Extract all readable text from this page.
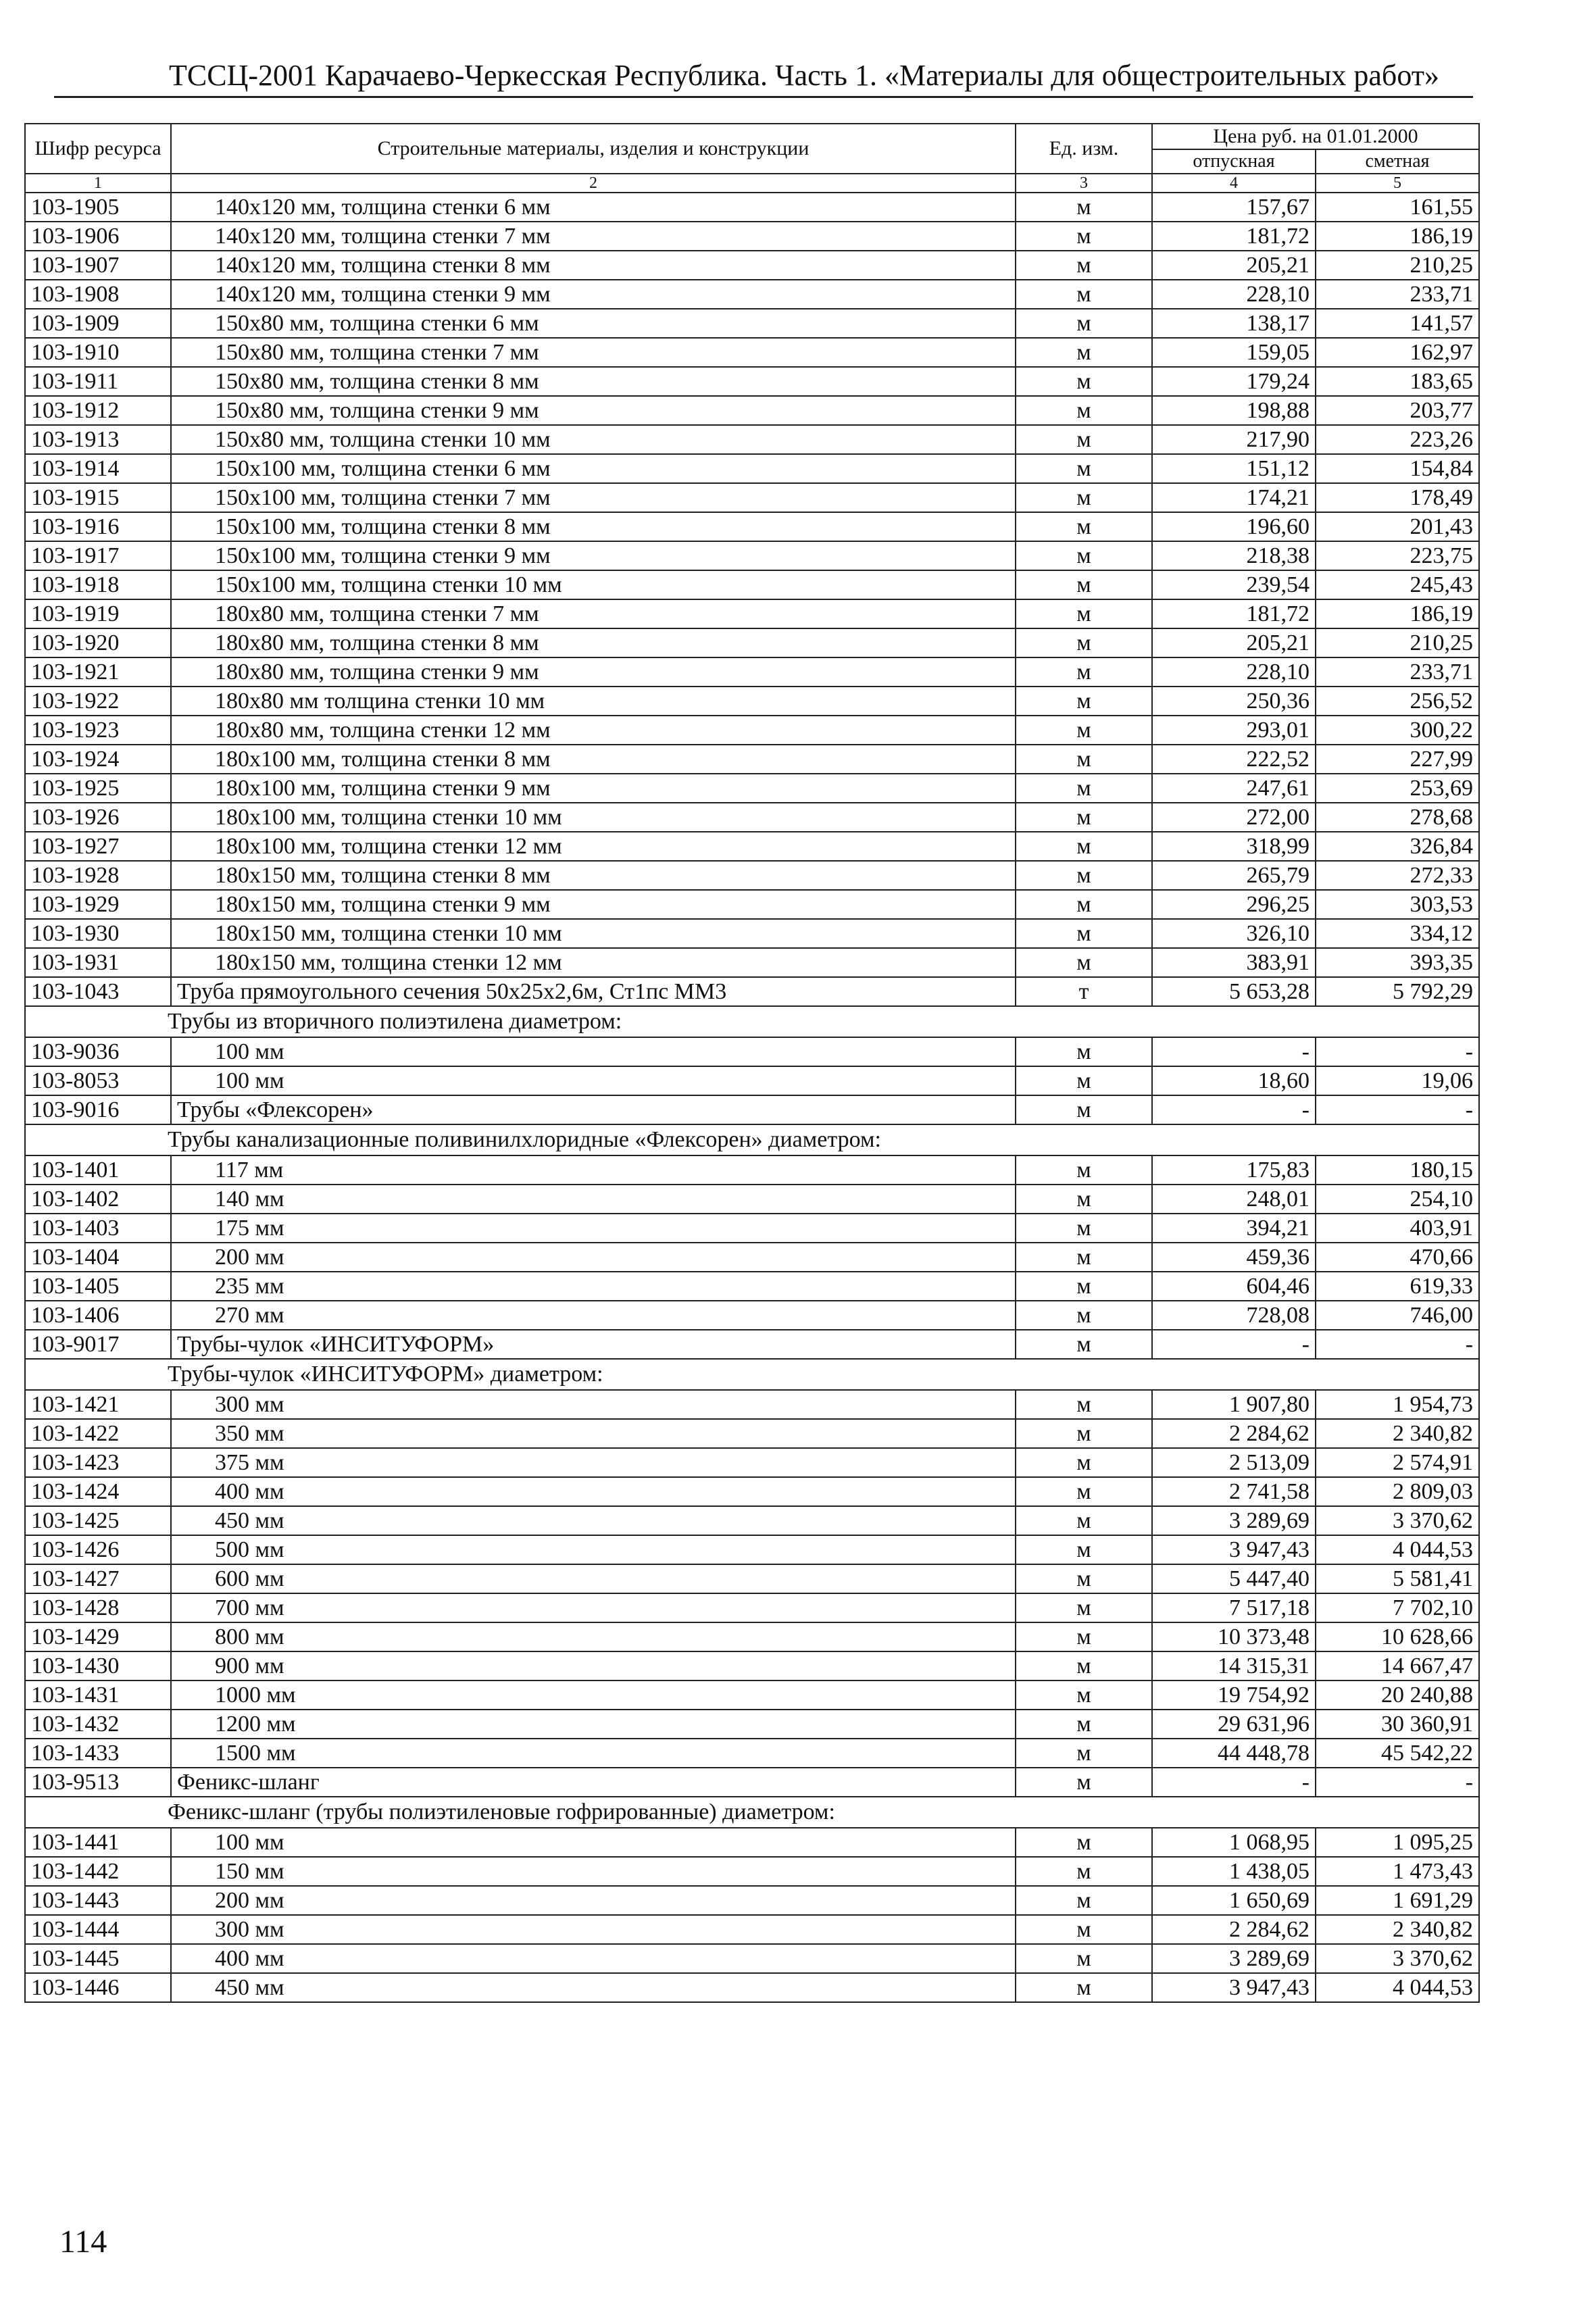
ТССЦ-2001 Карачаево-Черкесская Республика. Часть 1. «Материалы для общестроительных работ»
Шифр ресурса	Строительные материалы, изделия и конструкции	Ед. изм.	Цена руб. на 01.01.2000	
			отпускная	сметная
1	2	3	4	5
103-1905	140х120 мм, толщина стенки 6 мм	м	157,67	161,55
103-1906	140х120 мм, толщина стенки 7 мм	м	181,72	186,19
103-1907	140х120 мм, толщина стенки 8 мм	м	205,21	210,25
103-1908	140х120 мм, толщина стенки 9 мм	м	228,10	233,71
103-1909	150х80 мм, толщина стенки 6 мм	м	138,17	141,57
103-1910	150х80 мм, толщина стенки 7 мм	м	159,05	162,97
103-1911	150х80 мм, толщина стенки 8 мм	м	179,24	183,65
103-1912	150х80 мм, толщина стенки 9 мм	м	198,88	203,77
103-1913	150х80 мм, толщина стенки 10 мм	м	217,90	223,26
103-1914	150х100 мм, толщина стенки 6 мм	м	151,12	154,84
103-1915	150х100 мм, толщина стенки 7 мм	м	174,21	178,49
103-1916	150х100 мм, толщина стенки 8 мм	м	196,60	201,43
103-1917	150х100 мм, толщина стенки 9 мм	м	218,38	223,75
103-1918	150х100 мм, толщина стенки 10 мм	м	239,54	245,43
103-1919	180х80 мм, толщина стенки 7 мм	м	181,72	186,19
103-1920	180х80 мм, толщина стенки 8 мм	м	205,21	210,25
103-1921	180х80 мм, толщина стенки 9 мм	м	228,10	233,71
103-1922	180х80 мм толщина стенки 10 мм	м	250,36	256,52
103-1923	180х80 мм, толщина стенки 12 мм	м	293,01	300,22
103-1924	180х100 мм, толщина стенки 8 мм	м	222,52	227,99
103-1925	180х100 мм, толщина стенки 9 мм	м	247,61	253,69
103-1926	180х100 мм, толщина стенки 10 мм	м	272,00	278,68
103-1927	180х100 мм, толщина стенки 12 мм	м	318,99	326,84
103-1928	180х150 мм, толщина стенки 8 мм	м	265,79	272,33
103-1929	180х150 мм, толщина стенки 9 мм	м	296,25	303,53
103-1930	180х150 мм, толщина стенки 10 мм	м	326,10	334,12
103-1931	180х150 мм, толщина стенки 12 мм	м	383,91	393,35
103-1043	Труба прямоугольного сечения 50х25х2,6м, Ст1пс ММ3	т	5 653,28	5 792,29
Трубы из вторичного полиэтилена диаметром:				
103-9036	100 мм	м	-	-
103-8053	100 мм	м	18,60	19,06
103-9016	Трубы «Флексорен»	м	-	-
Трубы канализационные поливинилхлоридные «Флексорен» диаметром:				
103-1401	117 мм	м	175,83	180,15
103-1402	140 мм	м	248,01	254,10
103-1403	175 мм	м	394,21	403,91
103-1404	200 мм	м	459,36	470,66
103-1405	235 мм	м	604,46	619,33
103-1406	270 мм	м	728,08	746,00
103-9017	Трубы-чулок «ИНСИТУФОРМ»	м	-	-
Трубы-чулок «ИНСИТУФОРМ» диаметром:				
103-1421	300 мм	м	1 907,80	1 954,73
103-1422	350 мм	м	2 284,62	2 340,82
103-1423	375 мм	м	2 513,09	2 574,91
103-1424	400 мм	м	2 741,58	2 809,03
103-1425	450 мм	м	3 289,69	3 370,62
103-1426	500 мм	м	3 947,43	4 044,53
103-1427	600 мм	м	5 447,40	5 581,41
103-1428	700 мм	м	7 517,18	7 702,10
103-1429	800 мм	м	10 373,48	10 628,66
103-1430	900 мм	м	14 315,31	14 667,47
103-1431	1000 мм	м	19 754,92	20 240,88
103-1432	1200 мм	м	29 631,96	30 360,91
103-1433	1500 мм	м	44 448,78	45 542,22
103-9513	Феникс-шланг	м	-	-
Феникс-шланг (трубы полиэтиленовые гофрированные) диаметром:				
103-1441	100 мм	м	1 068,95	1 095,25
103-1442	150 мм	м	1 438,05	1 473,43
103-1443	200 мм	м	1 650,69	1 691,29
103-1444	300 мм	м	2 284,62	2 340,82
103-1445	400 мм	м	3 289,69	3 370,62
103-1446	450 мм	м	3 947,43	4 044,53
114
